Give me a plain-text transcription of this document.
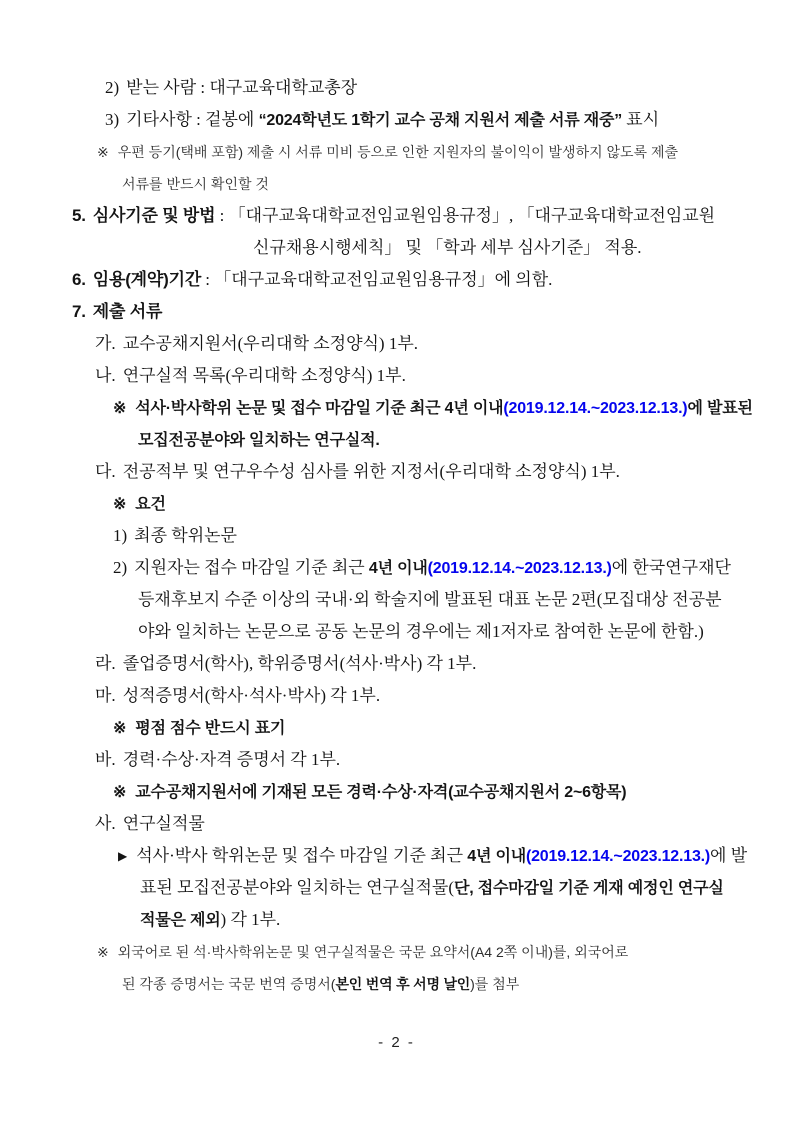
2) 받는 사람 : 대구교육대학교총장

3) 기타사항 : 겉봉에 “2024학년도 1학기 교수 공채 지원서 제출 서류 재중” 표시

※ 우편 등기(택배 포함) 제출 시 서류 미비 등으로 인한 지원자의 불이익이 발생하지 않도록 제출

서류를 반드시 확인할 것

5. 심사기준 및 방법 : 「대구교육대학교전임교원임용규정」, 「대구교육대학교전임교원

신규채용시행세칙」 및 「학과 세부 심사기준」 적용.

6. 임용(계약)기간 : 「대구교육대학교전임교원임용규정」에 의함.

7. 제출 서류

가. 교수공채지원서(우리대학 소정양식) 1부.

나. 연구실적 목록(우리대학 소정양식) 1부.

※ 석사·박사학위 논문 및 접수 마감일 기준 최근 4년 이내(2019.12.14.~2023.12.13.)에 발표된

모집전공분야와 일치하는 연구실적.

다. 전공적부 및 연구우수성 심사를 위한 지정서(우리대학 소정양식) 1부.

※ 요건

1) 최종 학위논문

2) 지원자는 접수 마감일 기준 최근 4년 이내(2019.12.14.~2023.12.13.)에 한국연구재단

등재후보지 수준 이상의 국내·외 학술지에 발표된 대표 논문 2편(모집대상 전공분

야와 일치하는 논문으로 공동 논문의 경우에는 제1저자로 참여한 논문에 한함.)

라. 졸업증명서(학사), 학위증명서(석사·박사) 각 1부.

마. 성적증명서(학사·석사·박사) 각 1부.

※ 평점 점수 반드시 표기

바. 경력·수상·자격 증명서 각 1부.

※ 교수공채지원서에 기재된 모든 경력·수상·자격(교수공채지원서 2~6항목)

사. 연구실적물

▶ 석사·박사 학위논문 및 접수 마감일 기준 최근 4년 이내(2019.12.14.~2023.12.13.)에 발

표된 모집전공분야와 일치하는 연구실적물(단, 접수마감일 기준 게재 예정인 연구실

적물은 제외) 각 1부.

※ 외국어로 된 석·박사학위논문 및 연구실적물은 국문 요약서(A4 2쪽 이내)를, 외국어로

된 각종 증명서는 국문 번역 증명서(본인 번역 후 서명 날인)를 첨부

- 2 -
